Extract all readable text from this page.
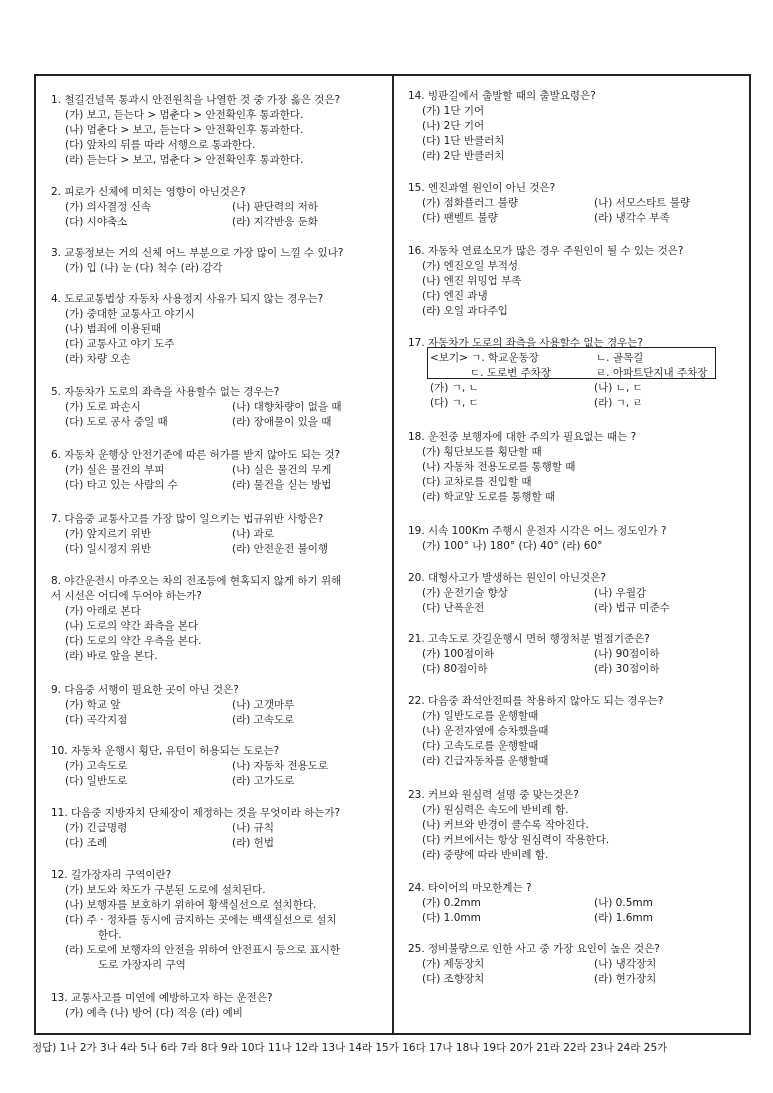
1. 철길건널목 통과시 안전원칙을 나열한 것 중 가장 옳은 것은?
(가) 보고, 듣는다 > 멈춘다 > 안전확인후 통과한다.
(나) 멈춘다 > 보고, 듣는다 > 안전확인후 통과한다.
(다) 앞차의 뒤를 따라 서행으로 통과한다.
(라) 듣는다 > 보고, 멈춘다 > 안전확인후 통과한다.
2. 피로가 신체에 미치는 영향이 아닌것은?
(가) 의사결정 신속	(나) 판단력의 저하
(다) 시야축소	(라) 지각반응 둔화
3. 교통정보는 거의 신체 어느 부분으로 가장 많이 느낄 수 있나?
(가) 입 (나) 눈 (다) 척수 (라) 감각
4. 도로교통법상 자동차 사용정지 사유가 되지 않는 경우는?
(가) 중대한 교통사고 야기시
(나) 범죄에 이용된때
(다) 교통사고 야기 도주
(라) 차량 오손
5. 자동차가 도로의 좌측을 사용할수 없는 경우는?
(가) 도로 파손시	(나) 대향차량이 없을 때
(다) 도로 공사 중일 때	(라) 장애물이 있을 때
6. 자동차 운행상 안전기준에 따른 허가를 받지 않아도 되는 것?
(가) 실은 물건의 부피	(나) 실은 물건의 무게
(다) 타고 있는 사람의 수	(라) 물건을 싣는 방법
7. 다음중 교통사고를 가장 많이 일으키는 법규위반 사항은?
(가) 앞지르기 위반	(나) 과로
(다) 일시정지 위반	(라) 안전운전 불이행
8. 야간운전시 마주오는 차의 전조등에 현혹되지 않게 하기 위해
서 시선은 어디에 두어야 하는가?
(가) 아래로 본다
(나) 도로의 약간 좌측을 본다
(다) 도로의 약간 우측을 본다.
(라) 바로 앞을 본다.
9. 다음중 서행이 필요한 곳이 아닌 것은?
(가) 학교 앞	(나) 고갯마루
(다) 곡각지점	(라) 고속도로
10. 자동차 운행시 횡단, 유턴이 허용되는 도로는?
(가) 고속도로	(나) 자동차 전용도로
(다) 일반도로	(라) 고가도로
11. 다음중 지방자치 단체장이 제정하는 것을 무엇이라 하는가?
(가) 긴급명령	(나) 규칙
(다) 조례	(라) 헌법
12. 길가장자리 구역이란?
(가) 보도와 차도가 구분된 도로에 설치된다.
(나) 보행자를 보호하기 위하여 황색실선으로 설치한다.
(다) 주 · 정차를 동시에 금지하는 곳에는 백색실선으로 설치
한다.
(라) 도로에 보행자의 안전을 위하여 안전표시 등으로 표시한
도로 가장자리 구역
13. 교통사고를 미연에 예방하고자 하는 운전은?
(가) 예측 (나) 방어 (다) 적응 (라) 예비
14. 빙판길에서 출발할 때의 출발요령은?
(가) 1단 기어
(나) 2단 기어
(다) 1단 반클러치
(라) 2단 반클러치
15. 엔진과열 원인이 아닌 것은?
(가) 점화플러그 불량	(나) 서모스타트 불량
(다) 팬벨트 불량	(라) 냉각수 부족
16. 자동차 연료소모가 많은 경우 주원인이 될 수 있는 것은?
(가) 엔진오일 부적성
(나) 엔진 위밍업 부족
(다) 엔진 과냉
(라) 오일 과다주입
17. 자동차가 도로의 좌측을 사용할수 없는 경우는?
<보기> ㄱ. 학교운동장	ㄴ. 골목길
ㄷ. 도로변 주차장	ㄹ. 아파트단지내 주차장
(가) ㄱ, ㄴ	(나) ㄴ, ㄷ
(다) ㄱ, ㄷ	(라) ㄱ, ㄹ
18. 운전중 보행자에 대한 주의가 필요없는 때는 ?
(가) 횡단보도를 횡단할 때
(나) 자동차 전용도로를 통행할 때
(다) 교차로를 진입할 때
(라) 학교앞 도로를 통행할 때
19. 시속 100Km 주행시 운전자 시각은 어느 정도인가 ?
(가) 100° 나) 180° (다) 40° (라) 60°
20. 대형사고가 발생하는 원인이 아닌것은?
(가) 운전기술 향상	(나) 우월감
(다) 난폭운전	(라) 법규 미준수
21. 고속도로 갓길운행시 면허 행정처분 벌점기준은?
(가) 100점이하	(나) 90점이하
(다) 80점이하	(라) 30점이하
22. 다음중 좌석안전띠를 착용하지 않아도 되는 경우는?
(가) 일반도로를 운행할때
(나) 운전자옆에 승차했을때
(다) 고속도로를 운행할때
(라) 긴급자동차를 운행할때
23. 커브와 원심력 설명 중 맞는것은?
(가) 원심력은 속도에 반비례 함.
(나) 커브와 반경이 클수록 작아진다.
(다) 커브에서는 항상 원심력이 작용한다.
(라) 중량에 따라 반비례 함.
24. 타이어의 마모한계는 ?
(가) 0.2mm	(나) 0.5mm
(다) 1.0mm	(라) 1.6mm
25. 정비불량으로 인한 사고 중 가장 요인이 높은 것은?
(가) 제동장치	(나) 냉각장치
(다) 조향장치	(라) 현가장치
정답) 1나 2가 3나 4라 5나 6라 7라 8다 9라 10다 11나 12라 13나 14라 15가 16다 17나 18나 19다 20가 21라 22라 23나 24라 25가
